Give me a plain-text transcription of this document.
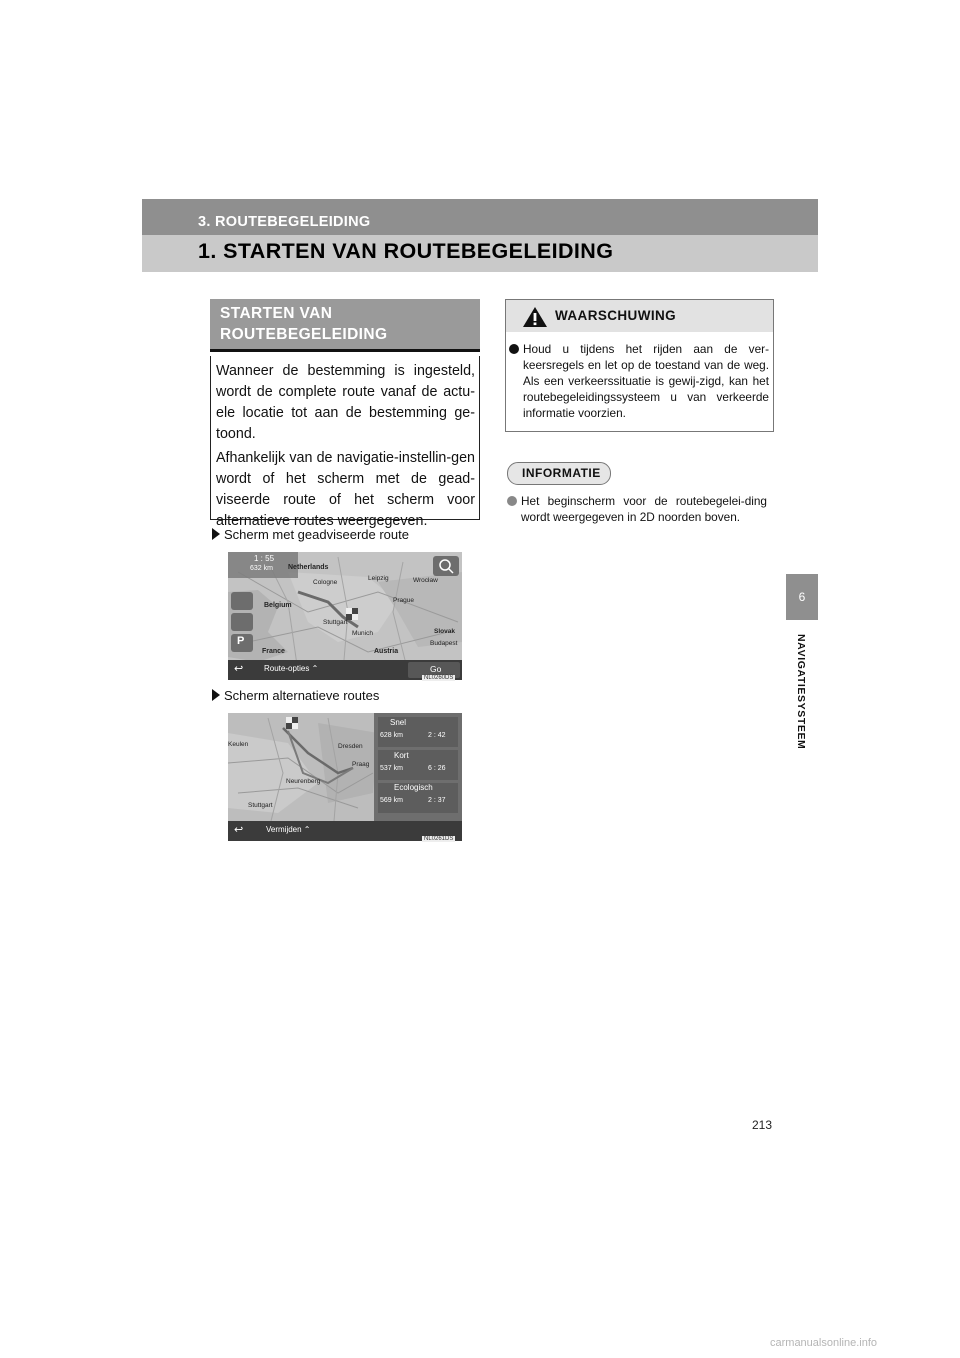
3. ROUTEBEGELEIDING
1. STARTEN VAN ROUTEBEGELEIDING
6
NAVIGATIESYSTEEM
STARTEN VAN
ROUTEBEGELEIDING

Wanneer de bestemming is ingesteld, wordt de complete route vanaf de actu-ele locatie tot aan de bestemming ge-toond.

Afhankelijk van de navigatie-instellin-gen wordt of het scherm met de gead-viseerde route of het scherm voor alternatieve routes weergegeven.

Scherm met geadviseerde route
1 : 55
632 km Netherlands
Cologne
Leipzig	Wrocław
Belgium
Prague
Stuttgart
Munich	Slovak
France	Austria
Budapest
P
↩	Route-opties ⌃	Go
NL0260DS
Scherm alternatieve routes
Keulen	Dresden
Praag
Neurenberg
Stuttgart
Snel
628 km	2 : 42
Kort
537 km	6 : 26
Ecologisch
569 km	2 : 37
↩	Vermijden ⌃
NL0261DS
WAARSCHUWING
Houd u tijdens het rijden aan de ver-keersregels en let op de toestand van de weg. Als een verkeerssituatie is gewij-zigd, kan het routebegeleidingssysteem u van verkeerde informatie voorzien.
INFORMATIE
Het beginscherm voor de routebegelei-ding wordt weergegeven in 2D noorden boven.
213
carmanualsonline.info
